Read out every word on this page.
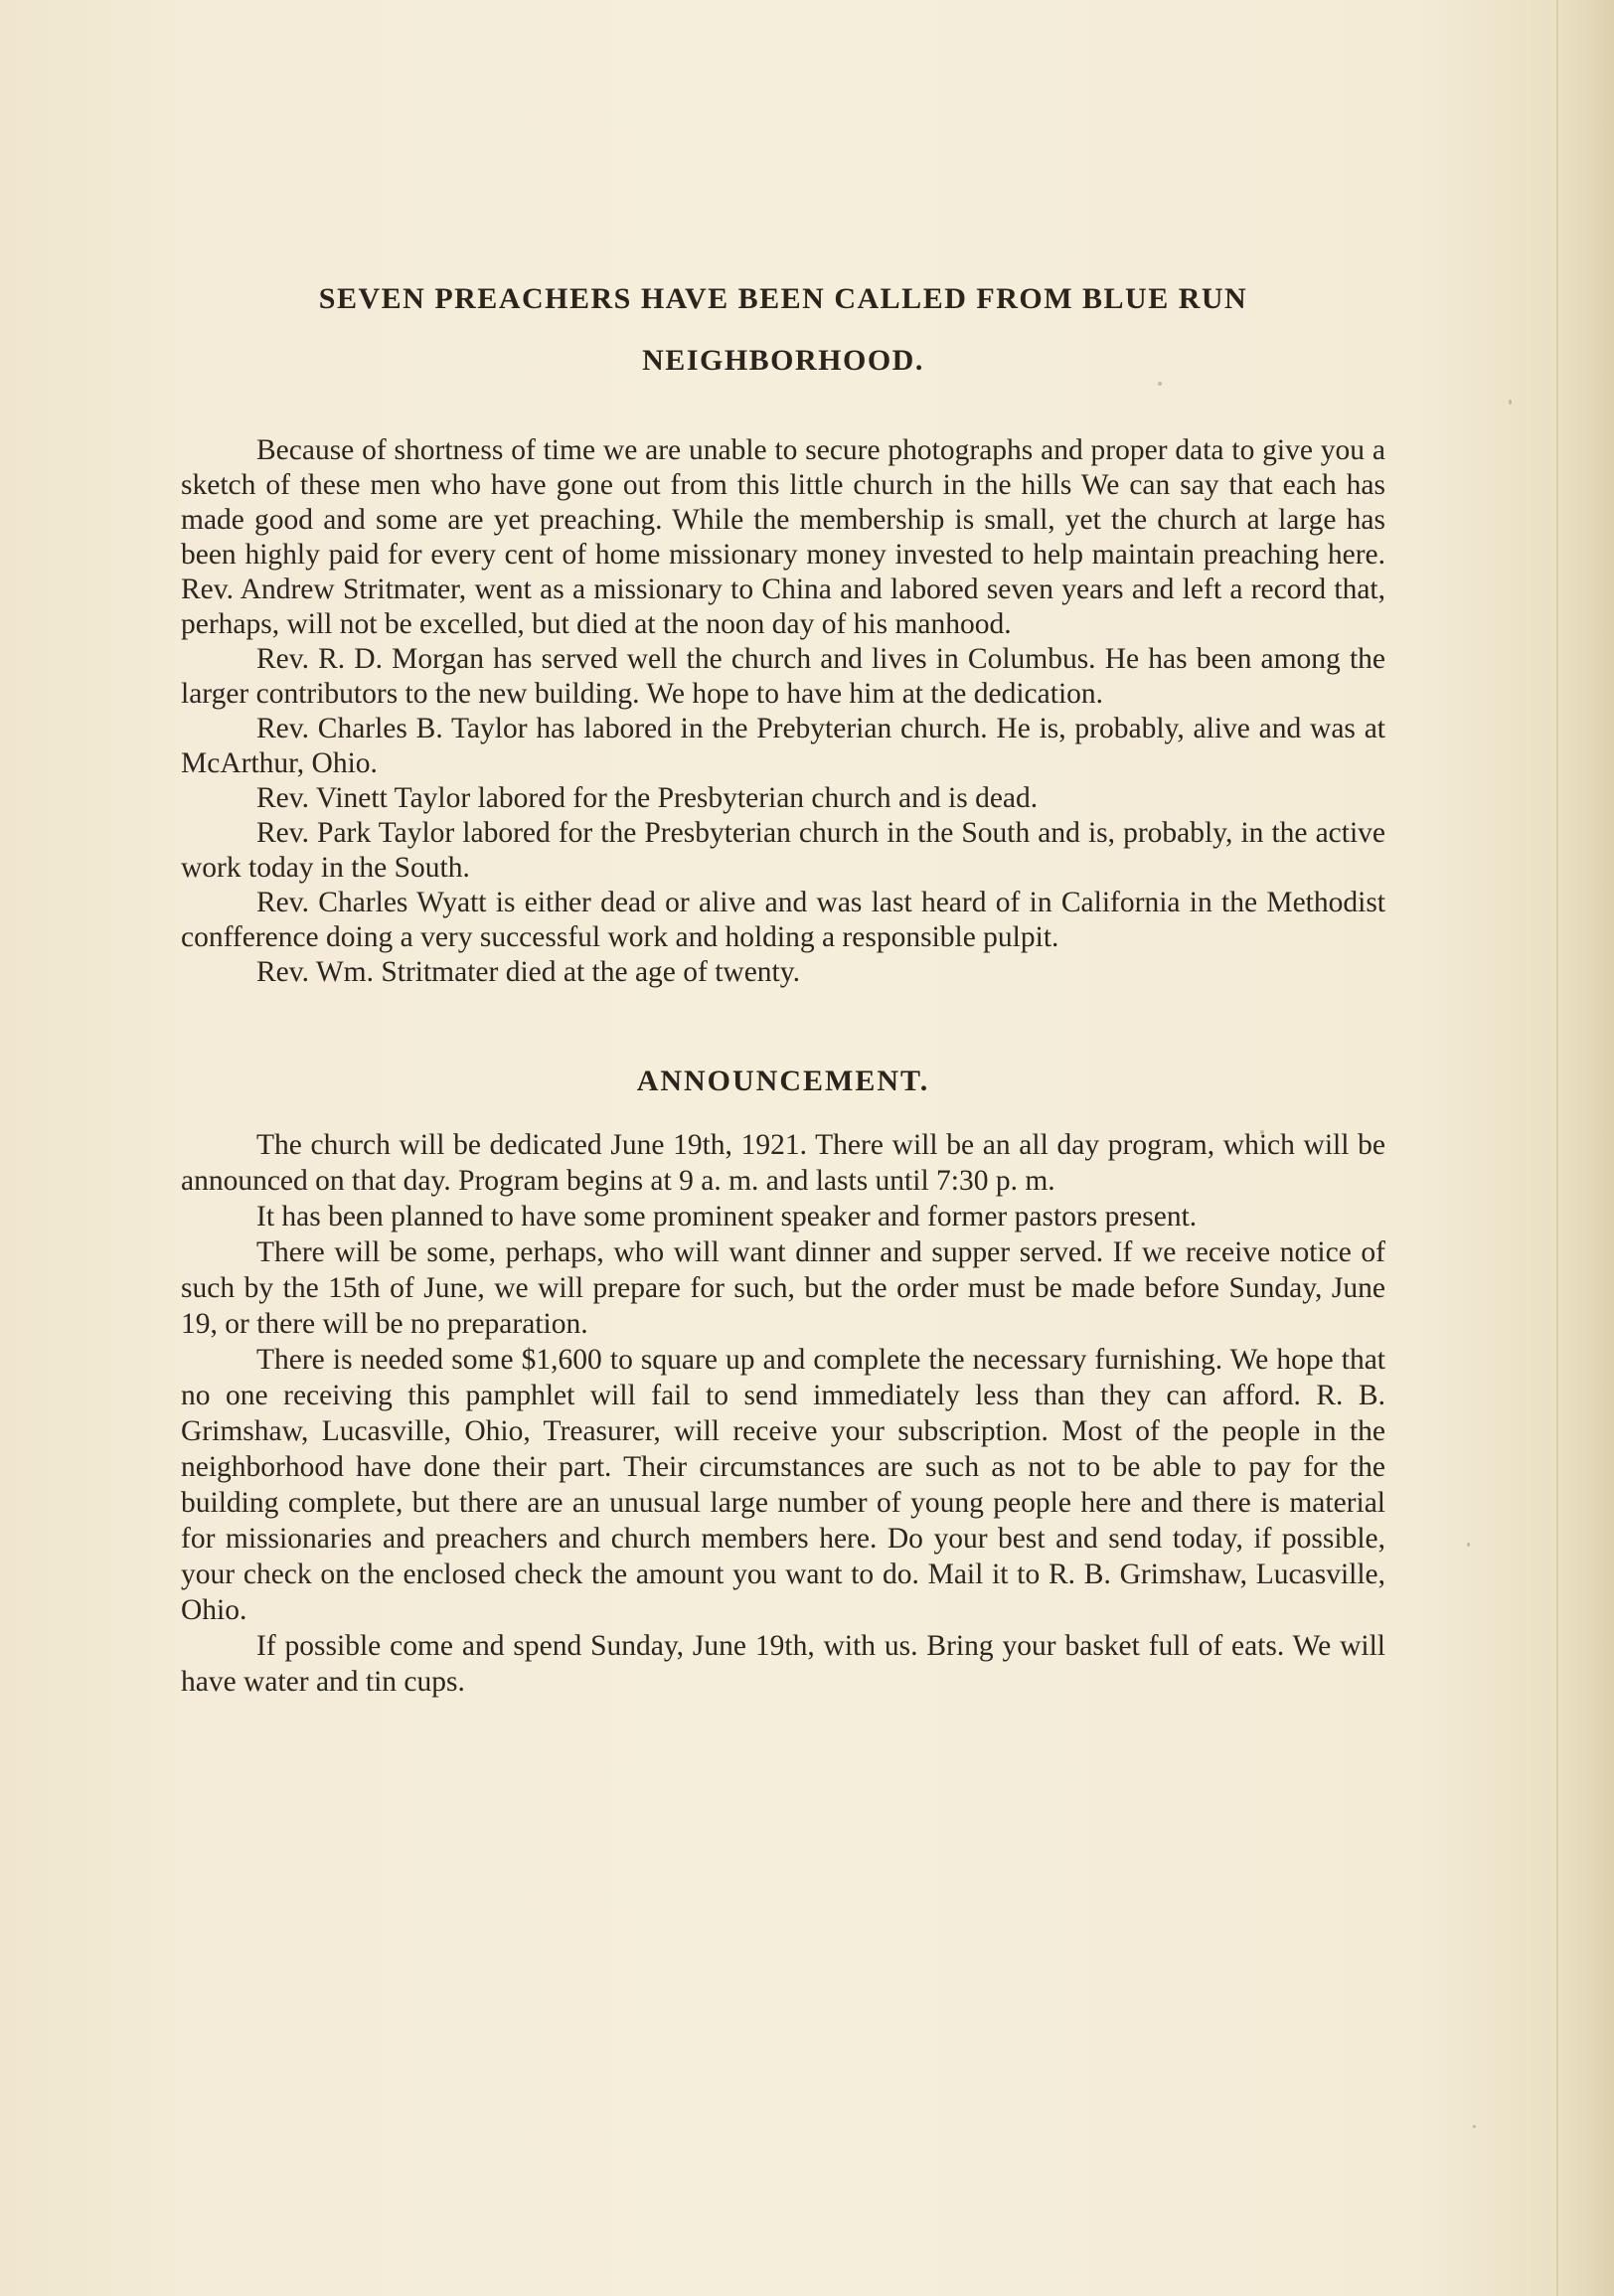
SEVEN PREACHERS HAVE BEEN CALLED FROM BLUE RUN
NEIGHBORHOOD.

Because of shortness of time we are unable to secure photographs and proper data to give you a sketch of these men who have gone out from this little church in the hills We can say that each has made good and some are yet preaching. While the membership is small, yet the church at large has been highly paid for every cent of home missionary money invested to help maintain preaching here. Rev. Andrew Stritmater, went as a missionary to China and labored seven years and left a record that, perhaps, will not be excelled, but died at the noon day of his manhood.

Rev. R. D. Morgan has served well the church and lives in Columbus. He has been among the larger contributors to the new building. We hope to have him at the dedication.

Rev. Charles B. Taylor has labored in the Prebyterian church. He is, probably, alive and was at McArthur, Ohio.

Rev. Vinett Taylor labored for the Presbyterian church and is dead.

Rev. Park Taylor labored for the Presbyterian church in the South and is, probably, in the active work today in the South.

Rev. Charles Wyatt is either dead or alive and was last heard of in California in the Methodist confference doing a very successful work and holding a responsible pulpit.

Rev. Wm. Stritmater died at the age of twenty.

ANNOUNCEMENT.

The church will be dedicated June 19th, 1921. There will be an all day program, which will be announced on that day. Program begins at 9 a. m. and lasts until 7:30 p. m.

It has been planned to have some prominent speaker and former pastors present.

There will be some, perhaps, who will want dinner and supper served. If we receive notice of such by the 15th of June, we will prepare for such, but the order must be made before Sunday, June 19, or there will be no preparation.

There is needed some $1,600 to square up and complete the necessary furnishing. We hope that no one receiving this pamphlet will fail to send immediately less than they can afford. R. B. Grimshaw, Lucasville, Ohio, Treasurer, will receive your subscription. Most of the people in the neighborhood have done their part. Their circumstances are such as not to be able to pay for the building complete, but there are an unusual large number of young people here and there is material for missionaries and preachers and church members here. Do your best and send today, if possible, your check on the enclosed check the amount you want to do. Mail it to R. B. Grimshaw, Lucasville, Ohio.

If possible come and spend Sunday, June 19th, with us. Bring your basket full of eats. We will have water and tin cups.
